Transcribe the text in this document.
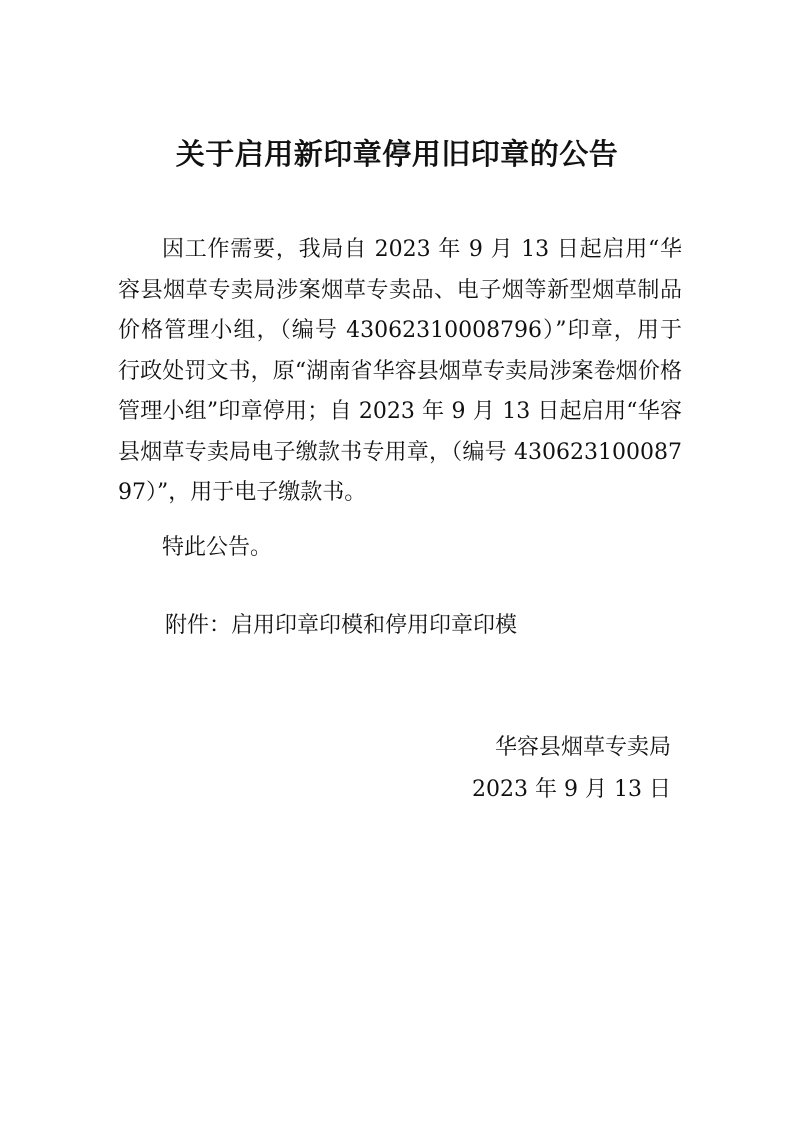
关于启用新印章停用旧印章的公告

因工作需要，我局自 2023 年 9 月 13 日起启用“华容县烟草专卖局涉案烟草专卖品、电子烟等新型烟草制品价格管理小组，（编号 43062310008796）”印章，用于行政处罚文书，原“湖南省华容县烟草专卖局涉案卷烟价格管理小组”印章停用；自 2023 年 9 月 13 日起启用“华容县烟草专卖局电子缴款书专用章，（编号 43062310008797）”，用于电子缴款书。

特此公告。

附件：启用印章印模和停用印章印模

华容县烟草专卖局

2023 年 9 月 13 日
